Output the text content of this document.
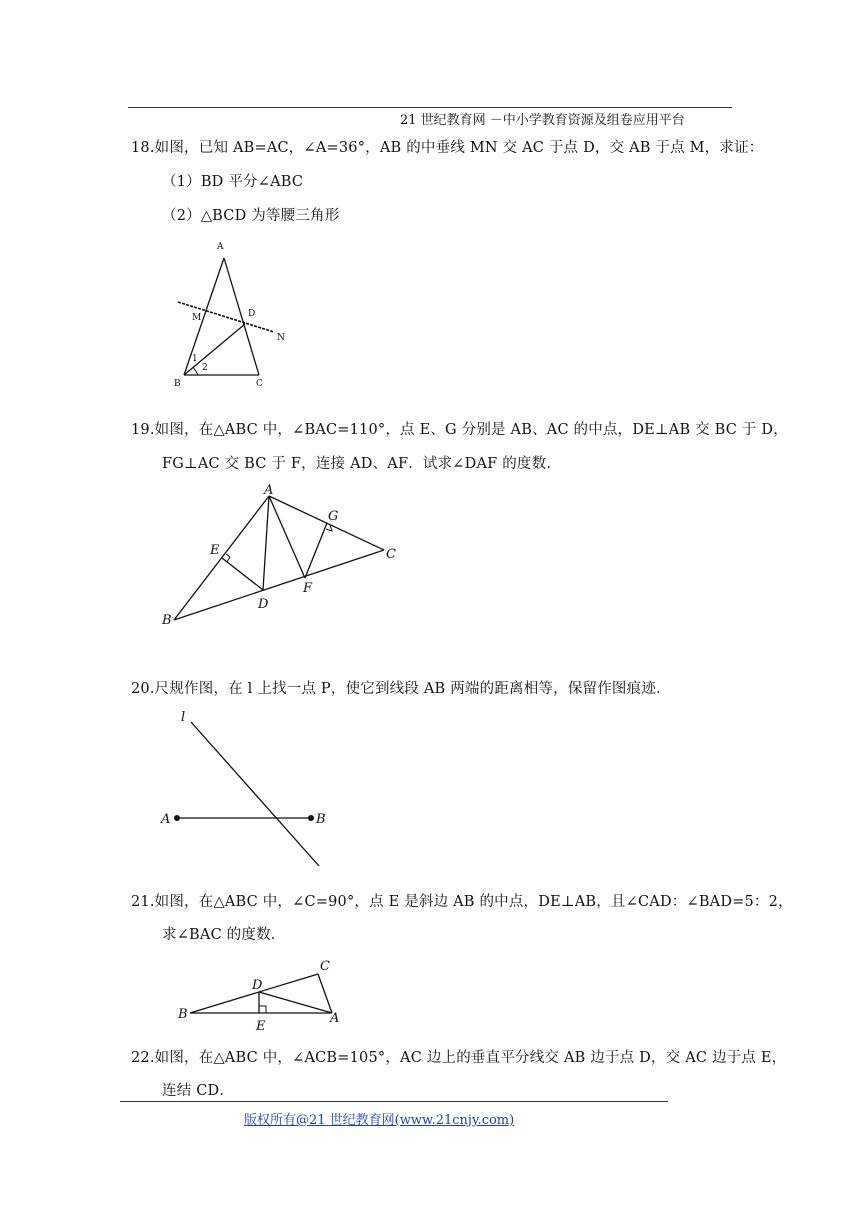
21 世纪教育网 －中小学教育资源及组卷应用平台
18.如图，已知 AB=AC，∠A=36°，AB 的中垂线 MN 交 AC 于点 D，交 AB 于点 M，求证：
（1）BD 平分∠ABC
（2）△BCD 为等腰三角形
A
B	C
D
M
N
1
2
19.如图，在△ABC 中，∠BAC=110°，点 E、G 分别是 AB、AC 的中点，DE⊥AB 交 BC 于 D，
FG⊥AC 交 BC 于 F，连接 AD、AF．试求∠DAF 的度数．
A
B
C
D
E
F
G
20.尺规作图，在 l 上找一点 P，使它到线段 AB 两端的距离相等，保留作图痕迹．
l
A	B
21.如图，在△ABC 中，∠C=90°，点 E 是斜边 AB 的中点，DE⊥AB，且∠CAD：∠BAD=5：2，
求∠BAC 的度数．
B
C
D
E
A
22.如图，在△ABC 中，∠ACB=105°，AC 边上的垂直平分线交 AB 边于点 D，交 AC 边于点 E，
连结 CD．
版权所有@21 世纪教育网(www.21cnjy.com)
